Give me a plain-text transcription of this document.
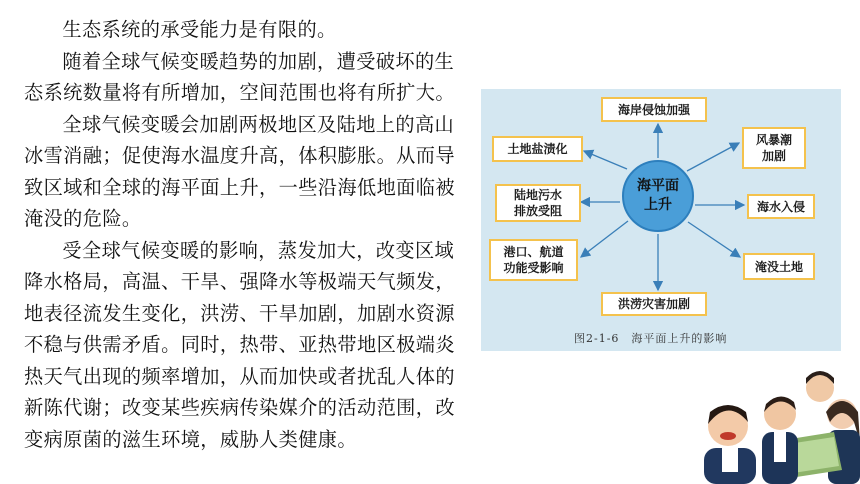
生态系统的承受能力是有限的。

随着全球气候变暖趋势的加剧，遭受破坏的生态系统数量将有所增加，空间范围也将有所扩大。

全球气候变暖会加剧两极地区及陆地上的高山冰雪消融；促使海水温度升高，体积膨胀。从而导致区域和全球的海平面上升，一些沿海低地面临被淹没的危险。

受全球气候变暖的影响，蒸发加大，改变区域降水格局，高温、干旱、强降水等极端天气频发，地表径流发生变化，洪涝、干旱加剧，加剧水资源不稳与供需矛盾。同时，热带、亚热带地区极端炎热天气出现的频率增加，从而加快或者扰乱人体的新陈代谢；改变某些疾病传染媒介的活动范围，改变病原菌的滋生环境，威胁人类健康。

海岸侵蚀加强
风暴潮
加剧
海水入侵
淹没土地
洪涝灾害加剧
港口、航道
功能受影响
陆地污水
排放受阻
土地盐渍化
海平面
上升
图2-1-6　海平面上升的影响
